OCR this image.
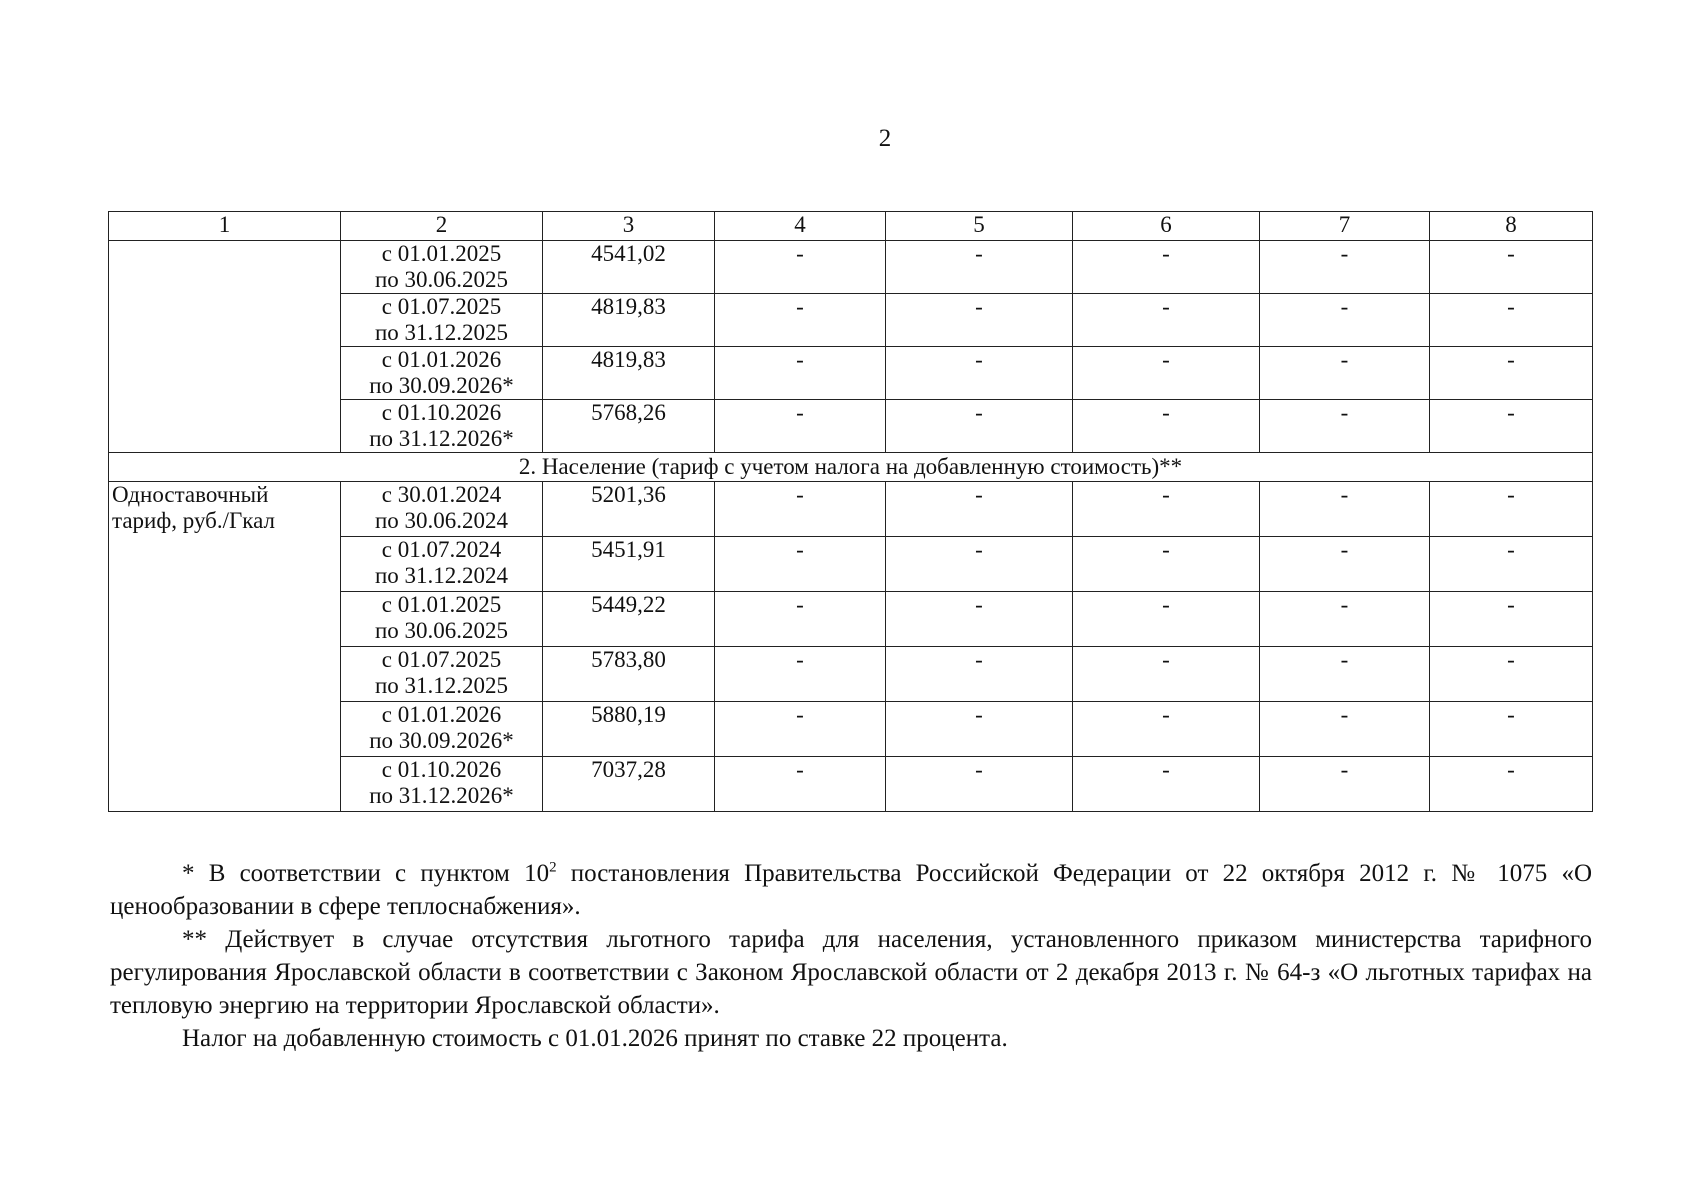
2
1	2	3	4	5	6	7	8

	с 01.01.2025
по 30.06.2025	4541,02	-	-	-	-	-

	с 01.07.2025
по 31.12.2025	4819,83	-	-	-	-	-

	с 01.01.2026
по 30.09.2026*	4819,83	-	-	-	-	-

	с 01.10.2026
по 31.12.2026*	5768,26	-	-	-	-	-
2. Население (тариф с учетом налога на добавленную стоимость)**							
Одноставочный тариф, руб./Гкал	с 30.01.2024
по 30.06.2024	5201,36	-	-	-	-	-

	с 01.07.2024
по 31.12.2024	5451,91	-	-	-	-	-

	с 01.01.2025
по 30.06.2025	5449,22	-	-	-	-	-

	с 01.07.2025
по 31.12.2025	5783,80	-	-	-	-	-

	с 01.01.2026
по 30.09.2026*	5880,19	-	-	-	-	-

	с 01.10.2026
по 31.12.2026*	7037,28	-	-	-	-	-

* В соответствии с пунктом $10^2$ постановления Правительства Российской Федерации от 22 октября 2012 г. № 1075 «О ценообразовании в сфере теплоснабжения».

** Действует в случае отсутствия льготного тарифа для населения, установленного приказом министерства тарифного регулирования Ярославской области в соответствии с Законом Ярославской области от 2 декабря 2013 г. № 64-з «О льготных тарифах на тепловую энергию на территории Ярославской области».

Налог на добавленную стоимость с 01.01.2026 принят по ставке 22 процента.
